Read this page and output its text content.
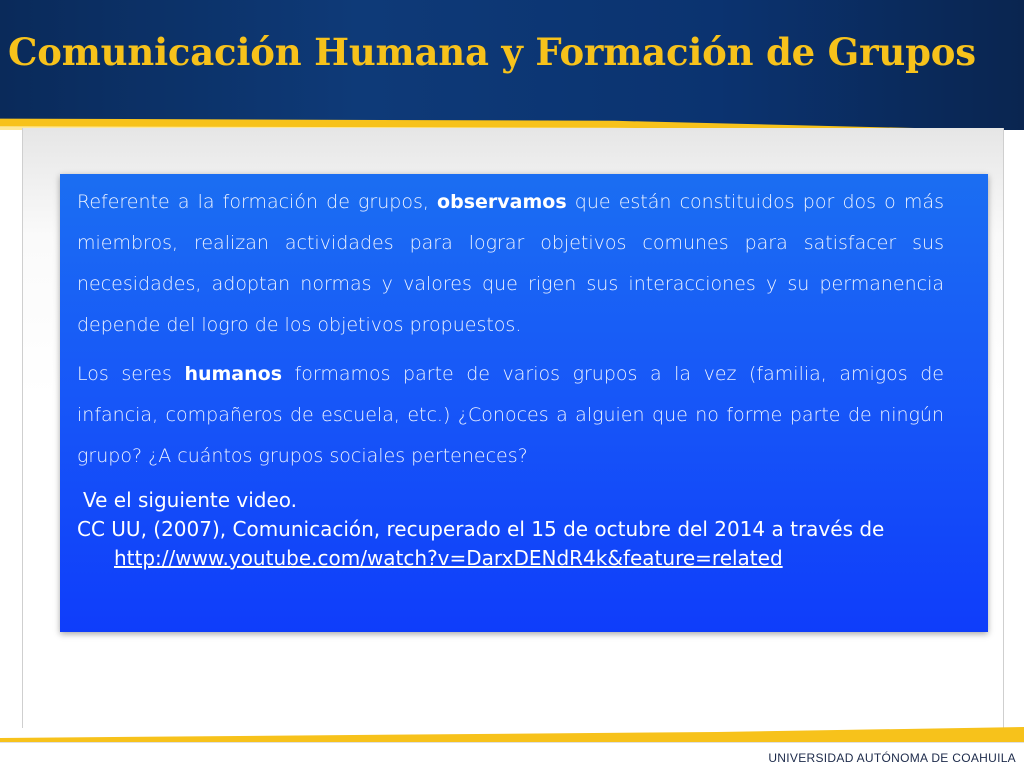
Comunicación Humana y Formación de Grupos

Referente a la formación de grupos, observamos que están constituidos por dos o más miembros, realizan actividades para lograr objetivos comunes para satisfacer sus necesidades, adoptan normas y valores que rigen sus interacciones y su permanencia depende del logro de los objetivos propuestos.

Los seres humanos formamos parte de varios grupos a la vez (familia, amigos de infancia, compañeros de escuela, etc.) ¿Conoces a alguien que no forme parte de ningún grupo? ¿A cuántos grupos sociales perteneces?

Ve el siguiente video.
CC UU, (2007), Comunicación, recuperado el 15 de octubre del 2014 a través de
http://www.youtube.com/watch?v=DarxDENdR4k&feature=related
UNIVERSIDAD AUTÓNOMA DE COAHUILA
